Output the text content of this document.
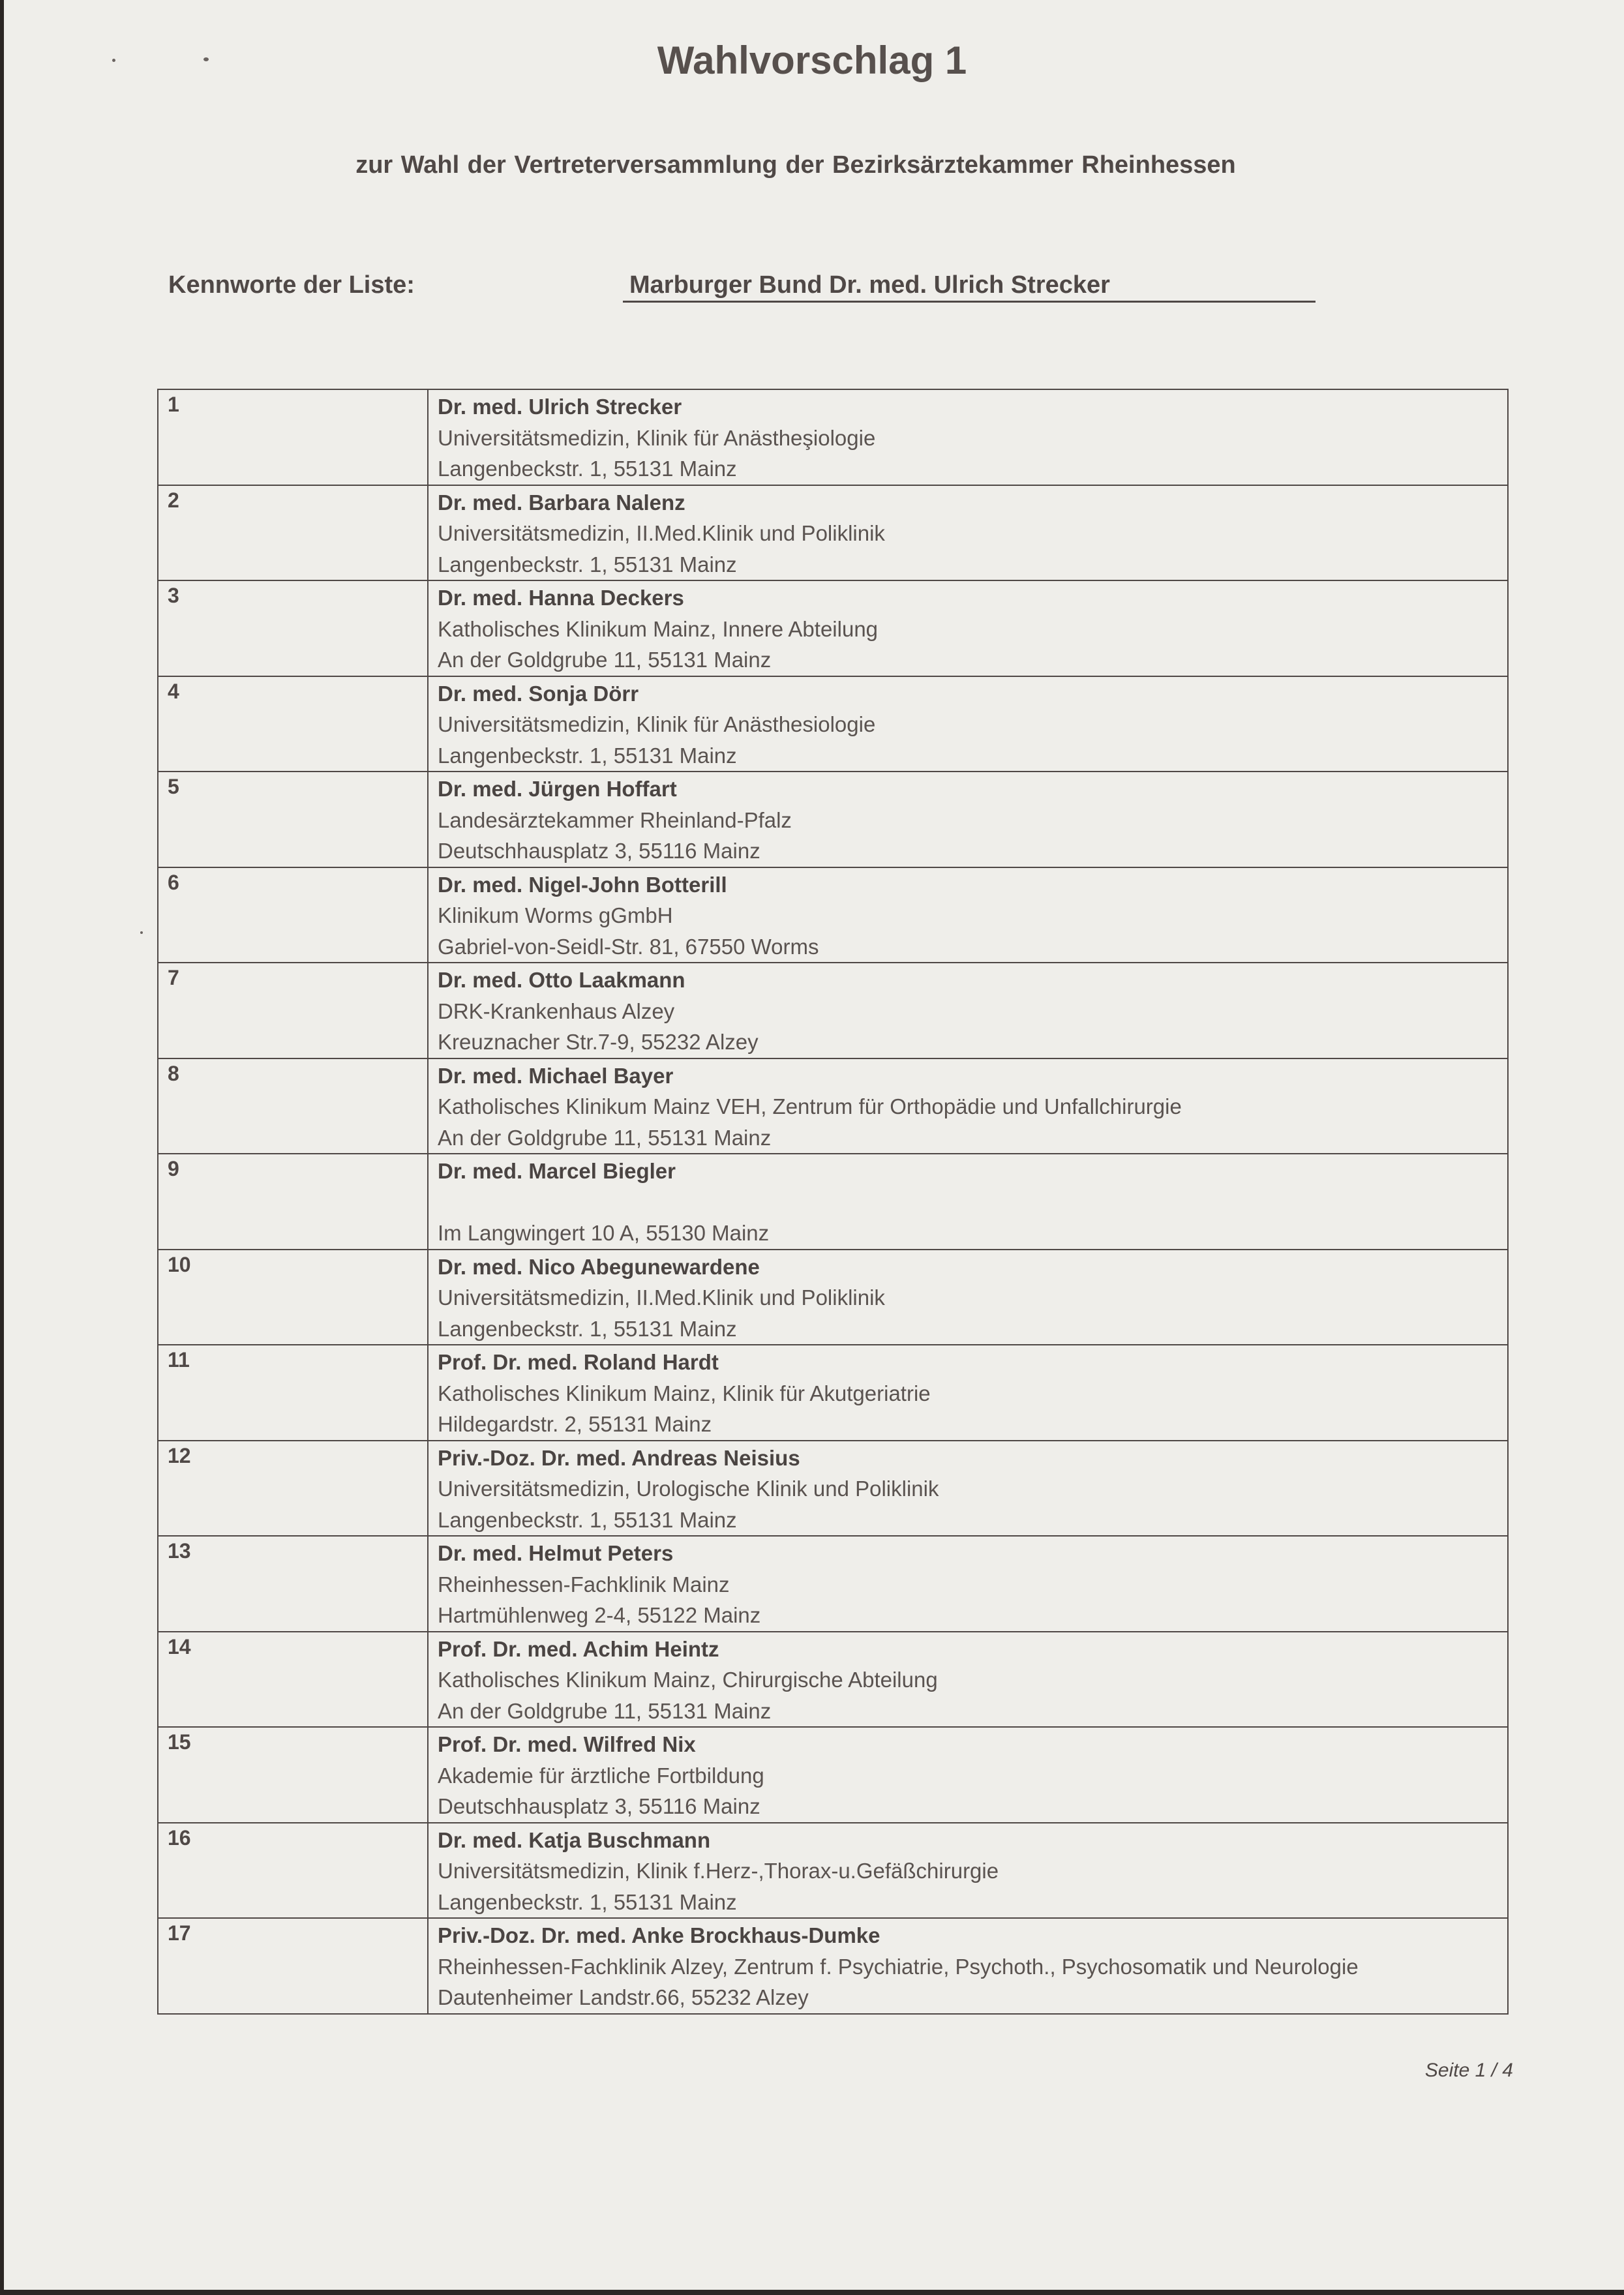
Wahlvorschlag 1
zur Wahl der Vertreterversammlung der Bezirksärztekammer Rheinhessen
Kennworte der Liste:	Marburger Bund Dr. med. Ulrich Strecker
1	Dr. med. Ulrich Strecker
Universitätsmedizin, Klinik für Anästheşiologie
Langenbeckstr. 1, 55131 Mainz

2	Dr. med. Barbara Nalenz
Universitätsmedizin, II.Med.Klinik und Poliklinik
Langenbeckstr. 1, 55131 Mainz

3	Dr. med. Hanna Deckers
Katholisches Klinikum Mainz, Innere Abteilung
An der Goldgrube 11, 55131 Mainz

4	Dr. med. Sonja Dörr
Universitätsmedizin, Klinik für Anästhesiologie
Langenbeckstr. 1, 55131 Mainz

5	Dr. med. Jürgen Hoffart
Landesärztekammer Rheinland-Pfalz
Deutschhausplatz 3, 55116 Mainz

6	Dr. med. Nigel-John Botterill
Klinikum Worms gGmbH
Gabriel-von-Seidl-Str. 81, 67550 Worms

7	Dr. med. Otto Laakmann
DRK-Krankenhaus Alzey
Kreuznacher Str.7-9, 55232 Alzey

8	Dr. med. Michael Bayer
Katholisches Klinikum Mainz VEH, Zentrum für Orthopädie und Unfallchirurgie
An der Goldgrube 11, 55131 Mainz

9	Dr. med. Marcel Biegler
Im Langwingert 10 A, 55130 Mainz

10	Dr. med. Nico Abegunewardene
Universitätsmedizin, II.Med.Klinik und Poliklinik
Langenbeckstr. 1, 55131 Mainz

11	Prof. Dr. med. Roland Hardt
Katholisches Klinikum Mainz, Klinik für Akutgeriatrie
Hildegardstr. 2, 55131 Mainz

12	Priv.-Doz. Dr. med. Andreas Neisius
Universitätsmedizin, Urologische Klinik und Poliklinik
Langenbeckstr. 1, 55131 Mainz

13	Dr. med. Helmut Peters
Rheinhessen-Fachklinik Mainz
Hartmühlenweg 2-4, 55122 Mainz

14	Prof. Dr. med. Achim Heintz
Katholisches Klinikum Mainz, Chirurgische Abteilung
An der Goldgrube 11, 55131 Mainz

15	Prof. Dr. med. Wilfred Nix
Akademie für ärztliche Fortbildung
Deutschhausplatz 3, 55116 Mainz

16	Dr. med. Katja Buschmann
Universitätsmedizin, Klinik f.Herz-,Thorax-u.Gefäßchirurgie
Langenbeckstr. 1, 55131 Mainz

17	Priv.-Doz. Dr. med. Anke Brockhaus-Dumke
Rheinhessen-Fachklinik Alzey, Zentrum f. Psychiatrie, Psychoth., Psychosomatik und Neurologie
Dautenheimer Landstr.66, 55232 Alzey
Seite 1 / 4
